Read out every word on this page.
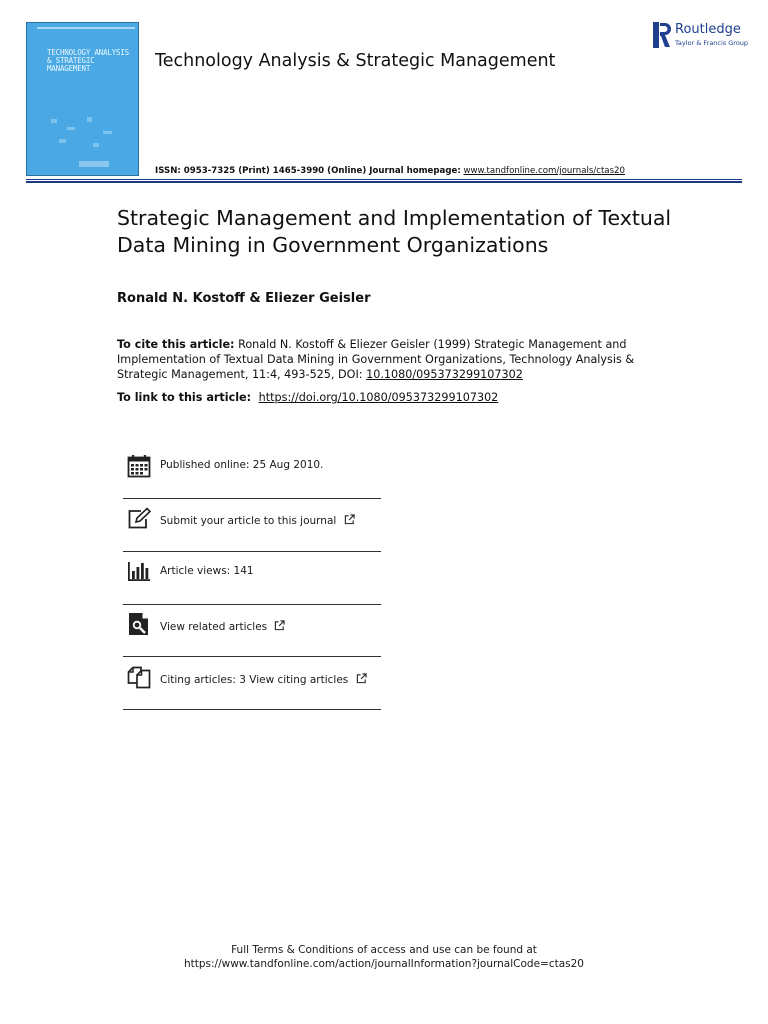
TECHNOLOGY ANALYSIS & STRATEGIC MANAGEMENT	Technology Analysis & Strategic Management
Routledge
Taylor & Francis Group
ISSN: 0953-7325 (Print) 1465-3990 (Online) Journal homepage: www.tandfonline.com/journals/ctas20
Strategic Management and Implementation of Textual Data Mining in Government Organizations
Ronald N. Kostoff & Eliezer Geisler
To cite this article: Ronald N. Kostoff & Eliezer Geisler (1999) Strategic Management and Implementation of Textual Data Mining in Government Organizations, Technology Analysis & Strategic Management, 11:4, 493-525, DOI: 10.1080/095373299107302
To link to this article: https://doi.org/10.1080/095373299107302
Published online: 25 Aug 2010.
Submit your article to this journal
Article views: 141
View related articles
Citing articles: 3 View citing articles
Full Terms & Conditions of access and use can be found at
https://www.tandfonline.com/action/journalInformation?journalCode=ctas20
